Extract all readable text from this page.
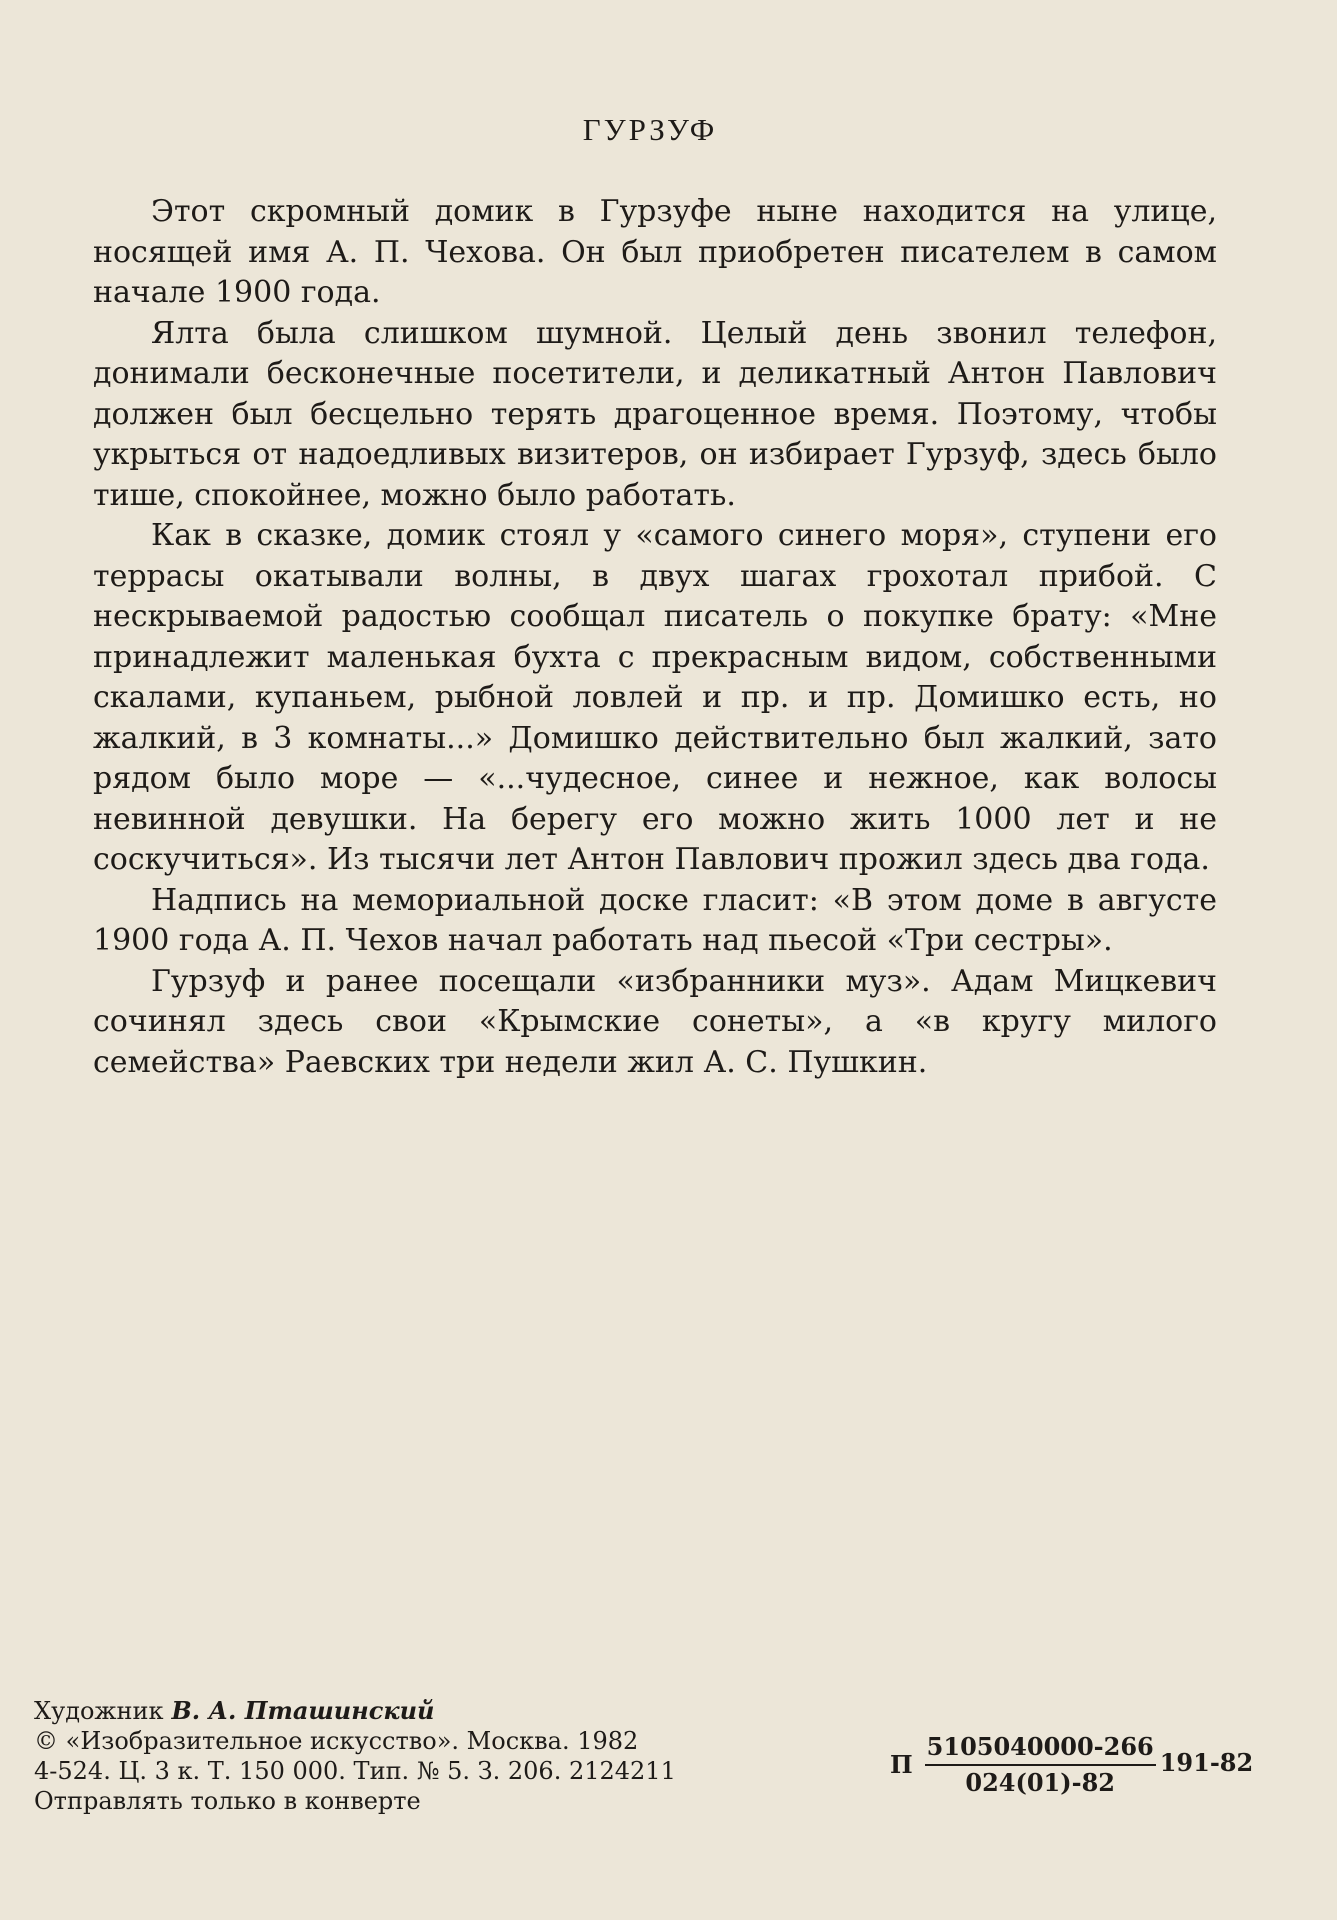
ГУРЗУФ

Этот скромный домик в Гурзуфе ныне находится на улице, носящей имя А. П. Чехова. Он был приобретен писателем в самом начале 1900 года.

Ялта была слишком шумной. Целый день звонил телефон, донимали бесконечные посетители, и деликатный Антон Павлович должен был бесцельно терять драгоценное время. Поэтому, чтобы укрыться от надоедливых визитеров, он избирает Гурзуф, здесь было тише, спокойнее, можно было работать.

Как в сказке, домик стоял у «самого синего моря», ступени его террасы окатывали волны, в двух шагах грохотал прибой. С нескрываемой радостью сообщал писатель о покупке брату: «Мне принадлежит маленькая бухта с прекрасным видом, собственными скалами, купаньем, рыбной ловлей и пр. и пр. Домишко есть, но жалкий, в 3 комнаты...» Домишко действительно был жалкий, зато рядом было море — «...чудесное, синее и нежное, как волосы невинной девушки. На берегу его можно жить 1000 лет и не соскучиться». Из тысячи лет Антон Павлович прожил здесь два года.

Надпись на мемориальной доске гласит: «В этом доме в августе 1900 года А. П. Чехов начал работать над пьесой «Три сестры».

Гурзуф и ранее посещали «избранники муз». Адам Мицкевич сочинял здесь свои «Крымские сонеты», а «в кругу милого семейства» Раевских три недели жил А. С. Пушкин.

Художник В. А. Пташинский
© «Изобразительное искусство». Москва. 1982
4-524. Ц. 3 к. Т. 150 000. Тип. № 5. З. 206. 2124211
Отправлять только в конверте
П $\frac{5105040000-266}{024(01)-82} 191-82$
